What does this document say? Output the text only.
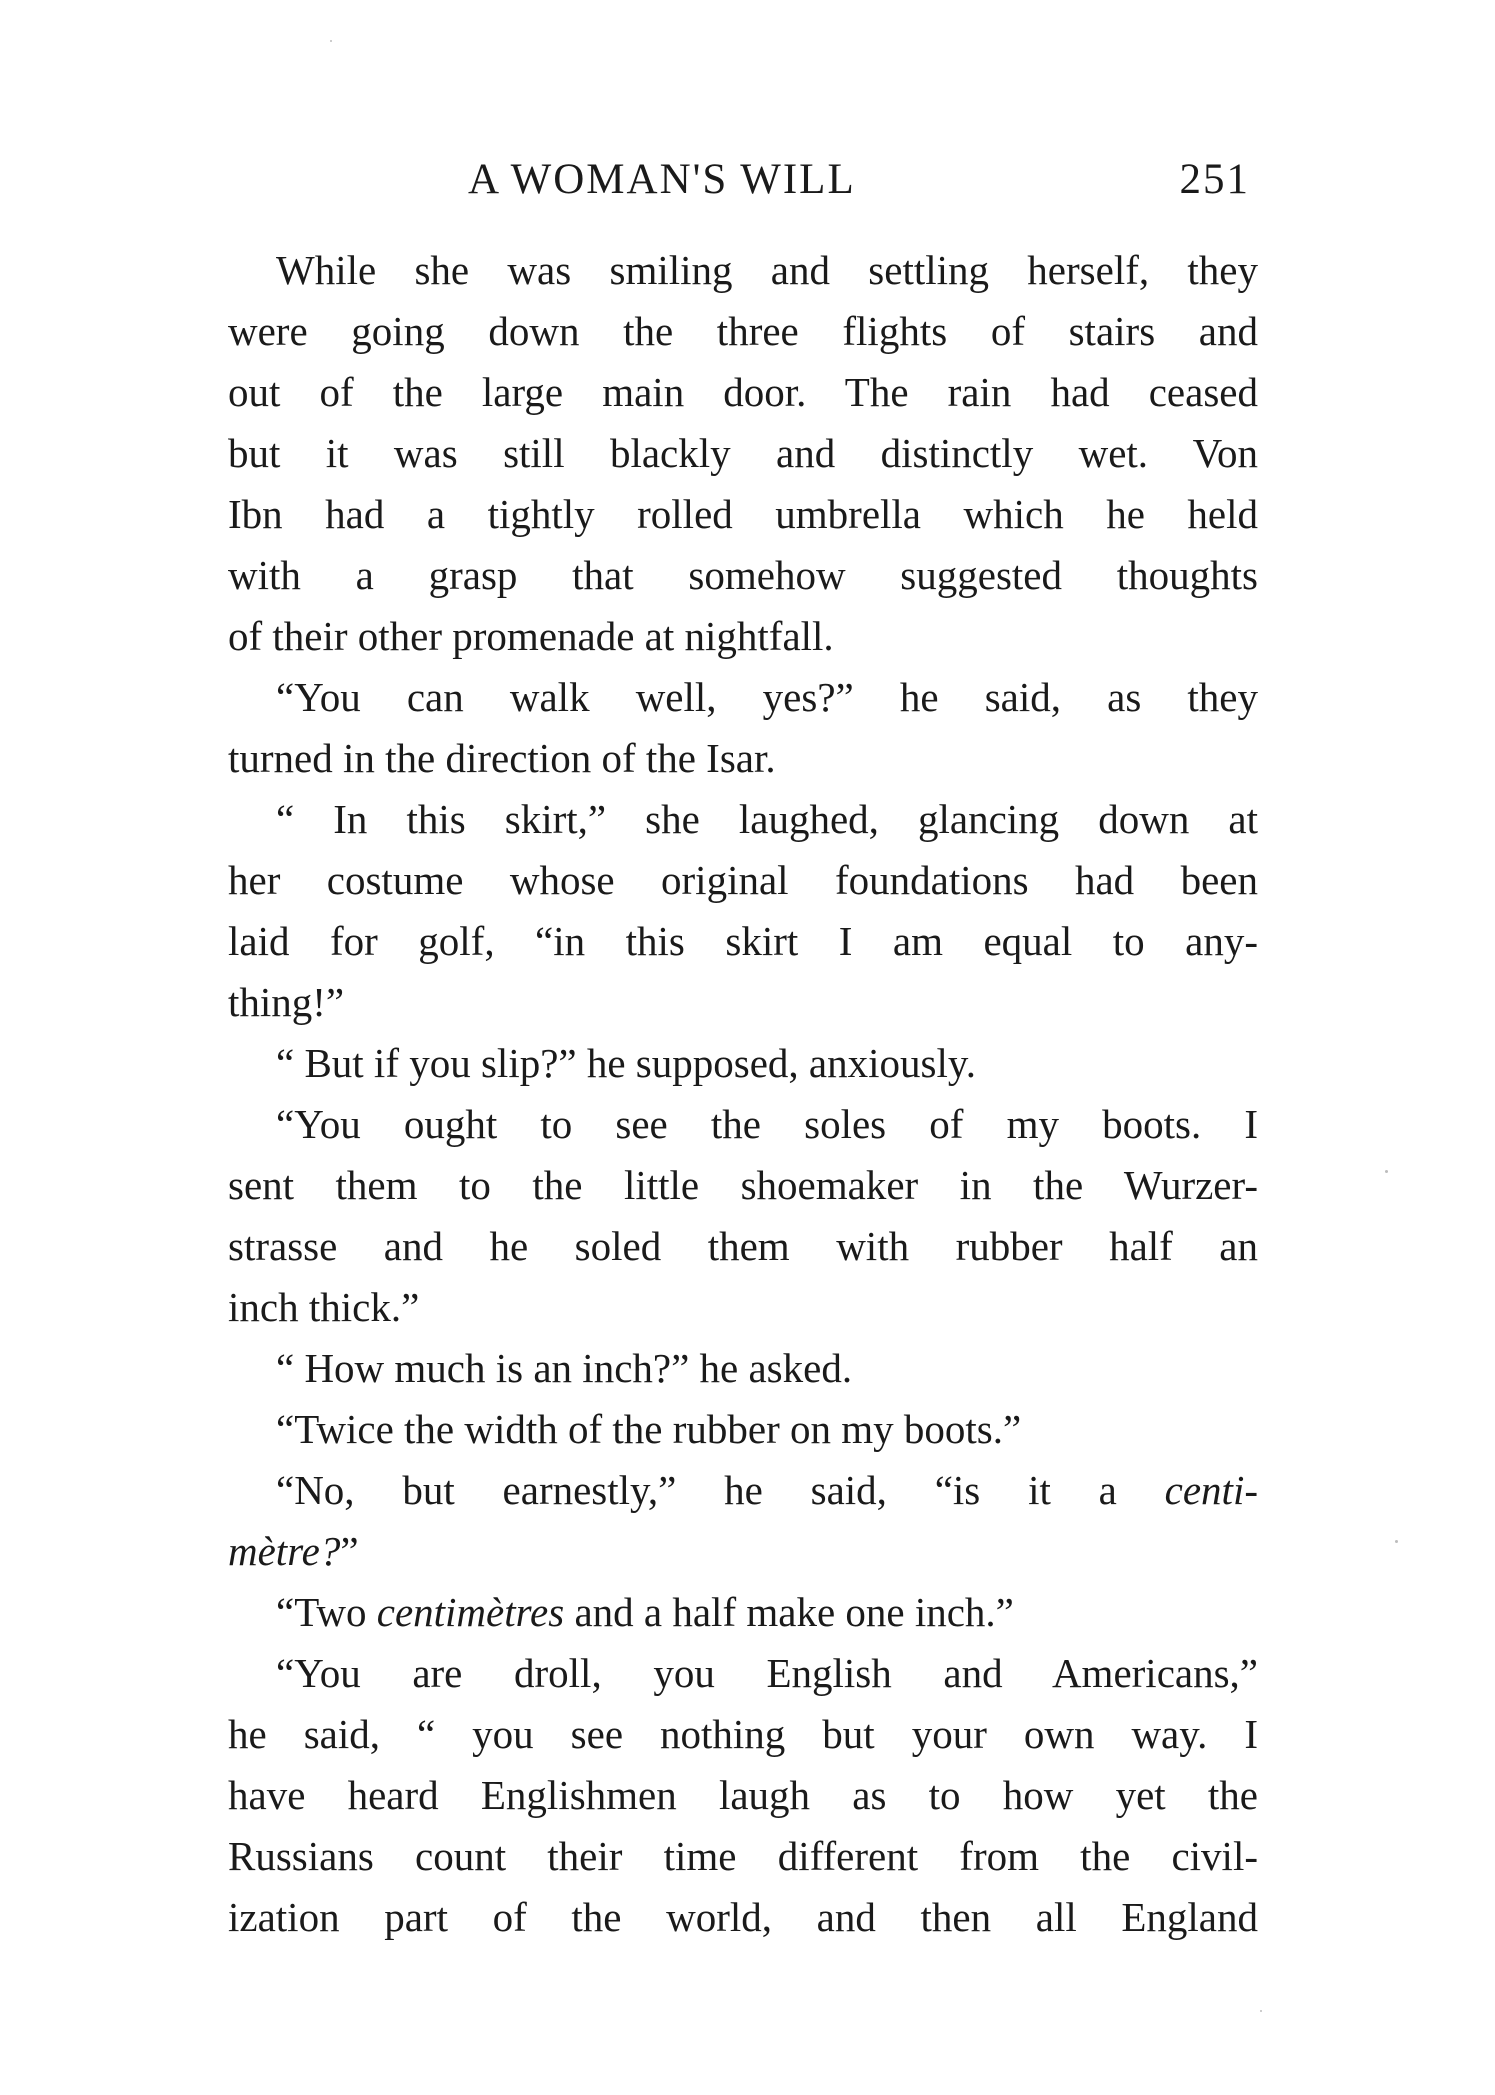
A WOMAN'S WILL	251

While she was smiling and settling herself, they
were going down the three flights of stairs and
out of the large main door. The rain had ceased
but it was still blackly and distinctly wet. Von
Ibn had a tightly rolled umbrella which he held
with a grasp that somehow suggested thoughts
of their other promenade at nightfall.

“You can walk well, yes?” he said, as they
turned in the direction of the Isar.

“ In this skirt,” she laughed, glancing down at
her costume whose original foundations had been
laid for golf, “in this skirt I am equal to any-
thing!”

“ But if you slip?” he supposed, anxiously.

“You ought to see the soles of my boots. I
sent them to the little shoemaker in the Wurzer-
strasse and he soled them with rubber half an
inch thick.”

“ How much is an inch?” he asked.

“Twice the width of the rubber on my boots.”

“No, but earnestly,” he said, “is it a centi-
mètre?”

“Two centimètres and a half make one inch.”

“You are droll, you English and Americans,”
he said, “ you see nothing but your own way. I
have heard Englishmen laugh as to how yet the
Russians count their time different from the civil-
ization part of the world, and then all England
